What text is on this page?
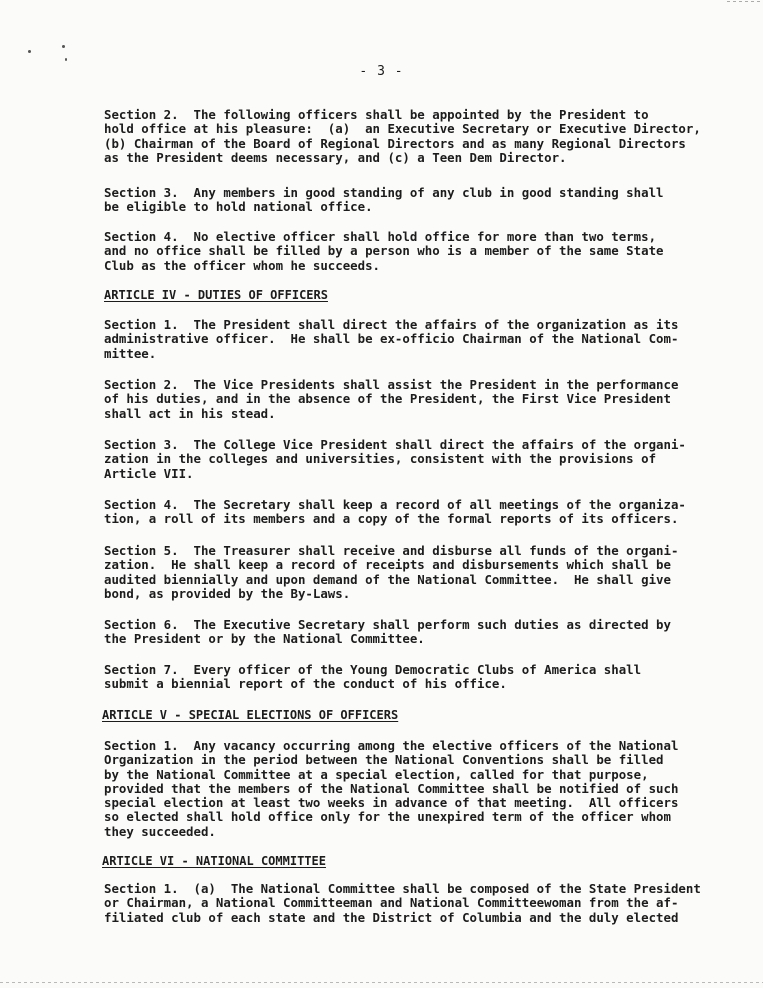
- 3 -
Section 2.  The following officers shall be appointed by the President to
hold office at his pleasure:  (a)  an Executive Secretary or Executive Director,
(b) Chairman of the Board of Regional Directors and as many Regional Directors
as the President deems necessary, and (c) a Teen Dem Director.
Section 3.  Any members in good standing of any club in good standing shall
be eligible to hold national office.
Section 4.  No elective officer shall hold office for more than two terms,
and no office shall be filled by a person who is a member of the same State
Club as the officer whom he succeeds.
ARTICLE IV - DUTIES OF OFFICERS
Section 1.  The President shall direct the affairs of the organization as its
administrative officer.  He shall be ex-officio Chairman of the National Com-
mittee.
Section 2.  The Vice Presidents shall assist the President in the performance
of his duties, and in the absence of the President, the First Vice President
shall act in his stead.
Section 3.  The College Vice President shall direct the affairs of the organi-
zation in the colleges and universities, consistent with the provisions of
Article VII.
Section 4.  The Secretary shall keep a record of all meetings of the organiza-
tion, a roll of its members and a copy of the formal reports of its officers.
Section 5.  The Treasurer shall receive and disburse all funds of the organi-
zation.  He shall keep a record of receipts and disbursements which shall be
audited biennially and upon demand of the National Committee.  He shall give
bond, as provided by the By-Laws.
Section 6.  The Executive Secretary shall perform such duties as directed by
the President or by the National Committee.
Section 7.  Every officer of the Young Democratic Clubs of America shall
submit a biennial report of the conduct of his office.
ARTICLE V - SPECIAL ELECTIONS OF OFFICERS
Section 1.  Any vacancy occurring among the elective officers of the National
Organization in the period between the National Conventions shall be filled
by the National Committee at a special election, called for that purpose,
provided that the members of the National Committee shall be notified of such
special election at least two weeks in advance of that meeting.  All officers
so elected shall hold office only for the unexpired term of the officer whom
they succeeded.
ARTICLE VI - NATIONAL COMMITTEE
Section 1.  (a)  The National Committee shall be composed of the State President
or Chairman, a National Committeeman and National Committeewoman from the af-
filiated club of each state and the District of Columbia and the duly elected
